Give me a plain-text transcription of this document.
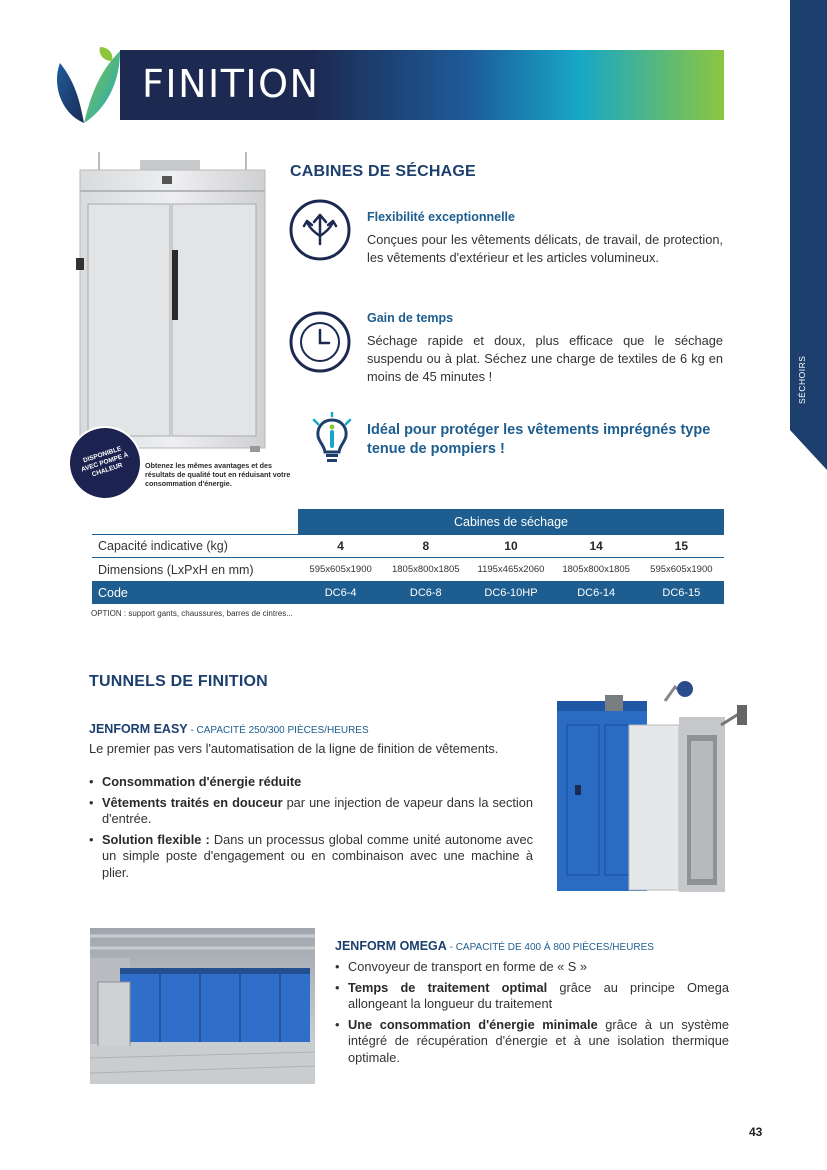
FINITION
SÉCHOIRS
DISPONIBLE AVEC POMPE À CHALEUR	Obtenez les mêmes avantages et des résultats de qualité tout en réduisant votre consommation d'énergie.
CABINES DE SÉCHAGE
Flexibilité exceptionnelle
Conçues pour les vêtements délicats, de travail, de protection, les vêtements d'extérieur et les articles volumineux.
Gain de temps
Séchage rapide et doux, plus efficace que le séchage suspendu ou à plat. Séchez une charge de textiles de 6 kg en moins de 45 minutes !
Idéal pour protéger les vêtements imprégnés type tenue de pompiers !
Cabines de séchage
Capacité indicative (kg)	4	8	10	14	15
Dimensions (LxPxH en mm)	595x605x1900	1805x800x1805	1195x465x2060	1805x800x1805	595x605x1900
Code	DC6-4	DC6-8	DC6-10HP	DC6-14	DC6-15
OPTION : support gants, chaussures, barres de cintres...
TUNNELS DE FINITION
JENFORM EASY - CAPACITÉ 250/300 PIÈCES/HEURES
Le premier pas vers l'automatisation de la ligne de finition de vêtements.
• Consommation d'énergie réduite
• Vêtements traités en douceur par une injection de vapeur dans la section d'entrée.
• Solution flexible : Dans un processus global comme unité autonome avec un simple poste d'engagement ou en combinaison avec une machine à plier.
JENFORM OMEGA - CAPACITÉ DE 400 À 800 PIÈCES/HEURES
• Convoyeur de transport en forme de « S »
• Temps de traitement optimal grâce au principe Omega allongeant la longueur du traitement
• Une consommation d'énergie minimale grâce à un système intégré de récupération d'énergie et à une isolation thermique optimale.
43
